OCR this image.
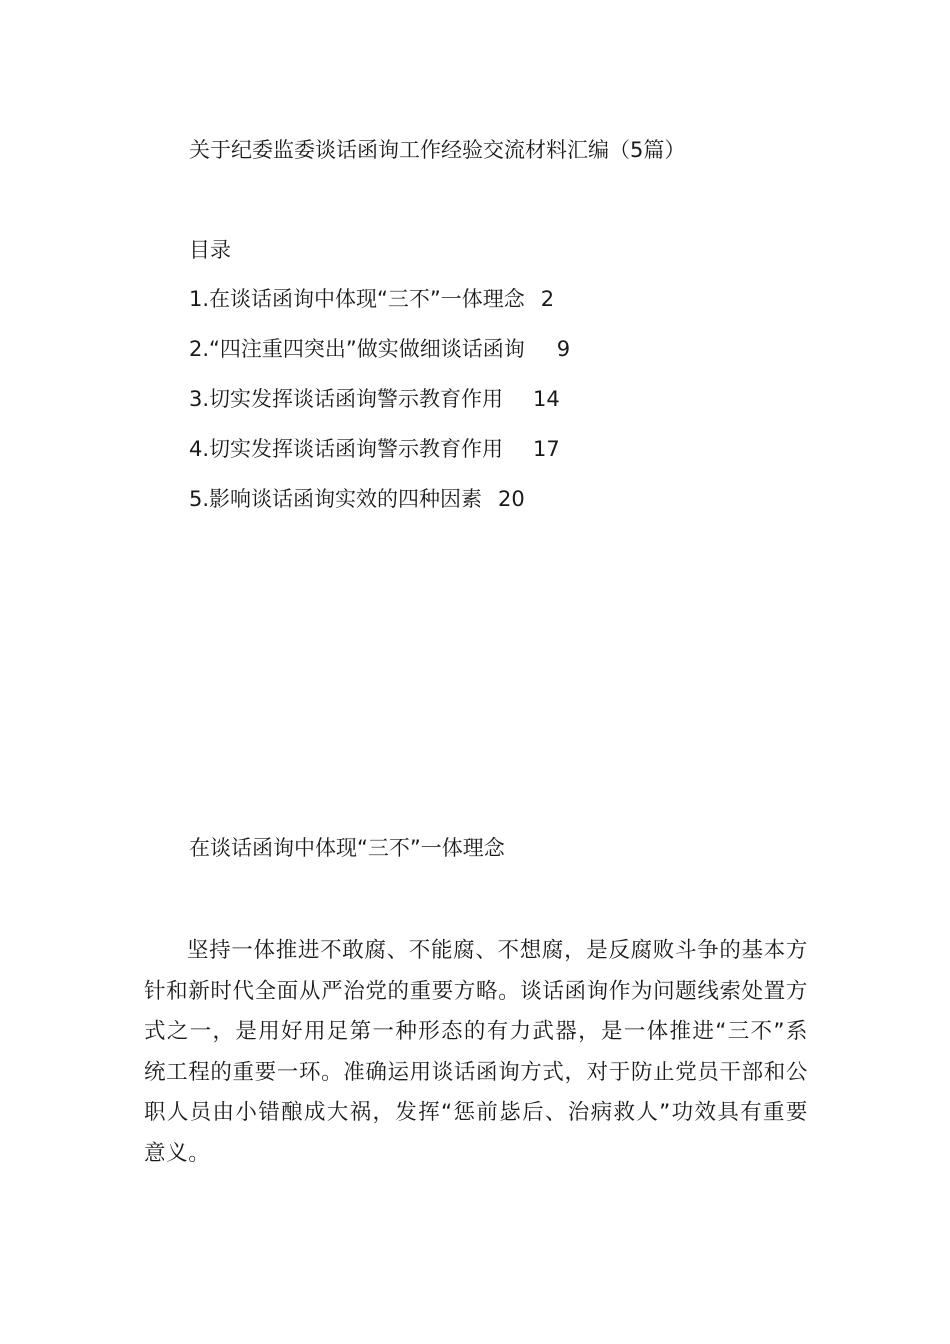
关于纪委监委谈话函询工作经验交流材料汇编（5篇）
目录
1.在谈话函询中体现“三不”一体理念 2
2.“四注重四突出”做实做细谈话函询 9
3.切实发挥谈话函询警示教育作用 14
4.切实发挥谈话函询警示教育作用 17
5.影响谈话函询实效的四种因素 20
在谈话函询中体现“三不”一体理念

坚持一体推进不敢腐、不能腐、不想腐，是反腐败斗争的基本方针和新时代全面从严治党的重要方略。谈话函询作为问题线索处置方式之一，是用好用足第一种形态的有力武器，是一体推进“三不”系统工程的重要一环。准确运用谈话函询方式，对于防止党员干部和公职人员由小错酿成大祸，发挥“惩前毖后、治病救人”功效具有重要意义。
